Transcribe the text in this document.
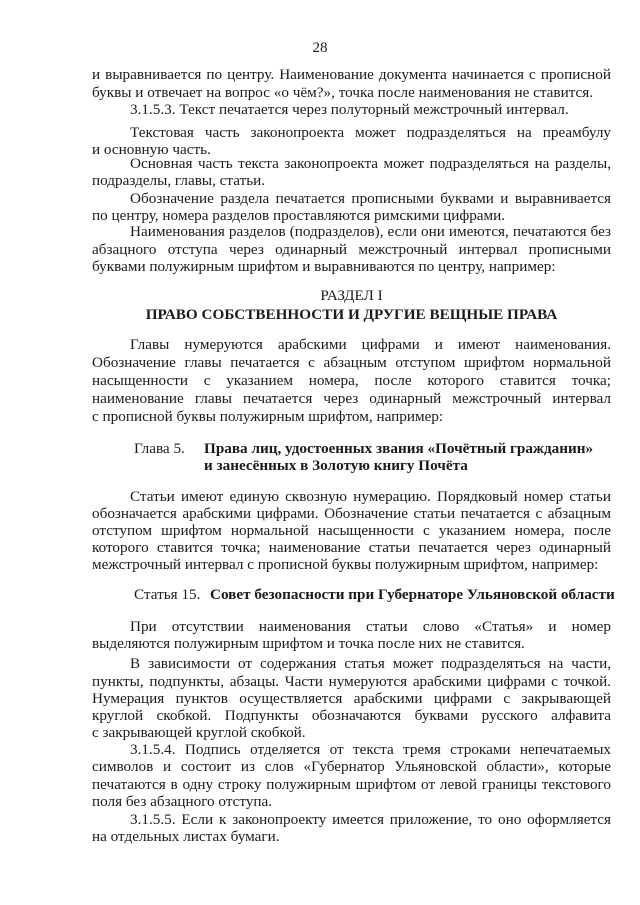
28
и выравнивается по центру. Наименование документа начинается с прописной
буквы и отвечает на вопрос «о чём?», точка после наименования не ставится.
3.1.5.3. Текст печатается через полуторный межстрочный интервал.
Текстовая часть законопроекта может подразделяться на преамбулу
и основную часть.
Основная часть текста законопроекта может подразделяться на разделы,
подразделы, главы, статьи.
Обозначение раздела печатается прописными буквами и выравнивается
по центру, номера разделов проставляются римскими цифрами.
Наименования разделов (подразделов), если они имеются, печатаются без
абзацного отступа через одинарный межстрочный интервал прописными
буквами полужирным шрифтом и выравниваются по центру, например:
РАЗДЕЛ I
ПРАВО СОБСТВЕННОСТИ И ДРУГИЕ ВЕЩНЫЕ ПРАВА
Главы нумеруются арабскими цифрами и имеют наименования.
Обозначение главы печатается с абзацным отступом шрифтом нормальной
насыщенности с указанием номера, после которого ставится точка;
наименование главы печатается через одинарный межстрочный интервал
с прописной буквы полужирным шрифтом, например:
Глава 5.	Права лиц, удостоенных звания «Почётный гражданин»
и занесённых в Золотую книгу Почёта
Статьи имеют единую сквозную нумерацию. Порядковый номер статьи
обозначается арабскими цифрами. Обозначение статьи печатается с абзацным
отступом шрифтом нормальной насыщенности с указанием номера, после
которого ставится точка; наименование статьи печатается через одинарный
межстрочный интервал с прописной буквы полужирным шрифтом, например:
Статья 15. Совет безопасности при Губернаторе Ульяновской области
При отсутствии наименования статьи слово «Статья» и номер
выделяются полужирным шрифтом и точка после них не ставится.
В зависимости от содержания статья может подразделяться на части,
пункты, подпункты, абзацы. Части нумеруются арабскими цифрами с точкой.
Нумерация пунктов осуществляется арабскими цифрами с закрывающей
круглой скобкой. Подпункты обозначаются буквами русского алфавита
с закрывающей круглой скобкой.
3.1.5.4. Подпись отделяется от текста тремя строками непечатаемых
символов и состоит из слов «Губернатор Ульяновской области», которые
печатаются в одну строку полужирным шрифтом от левой границы текстового
поля без абзацного отступа.
3.1.5.5. Если к законопроекту имеется приложение, то оно оформляется
на отдельных листах бумаги.
